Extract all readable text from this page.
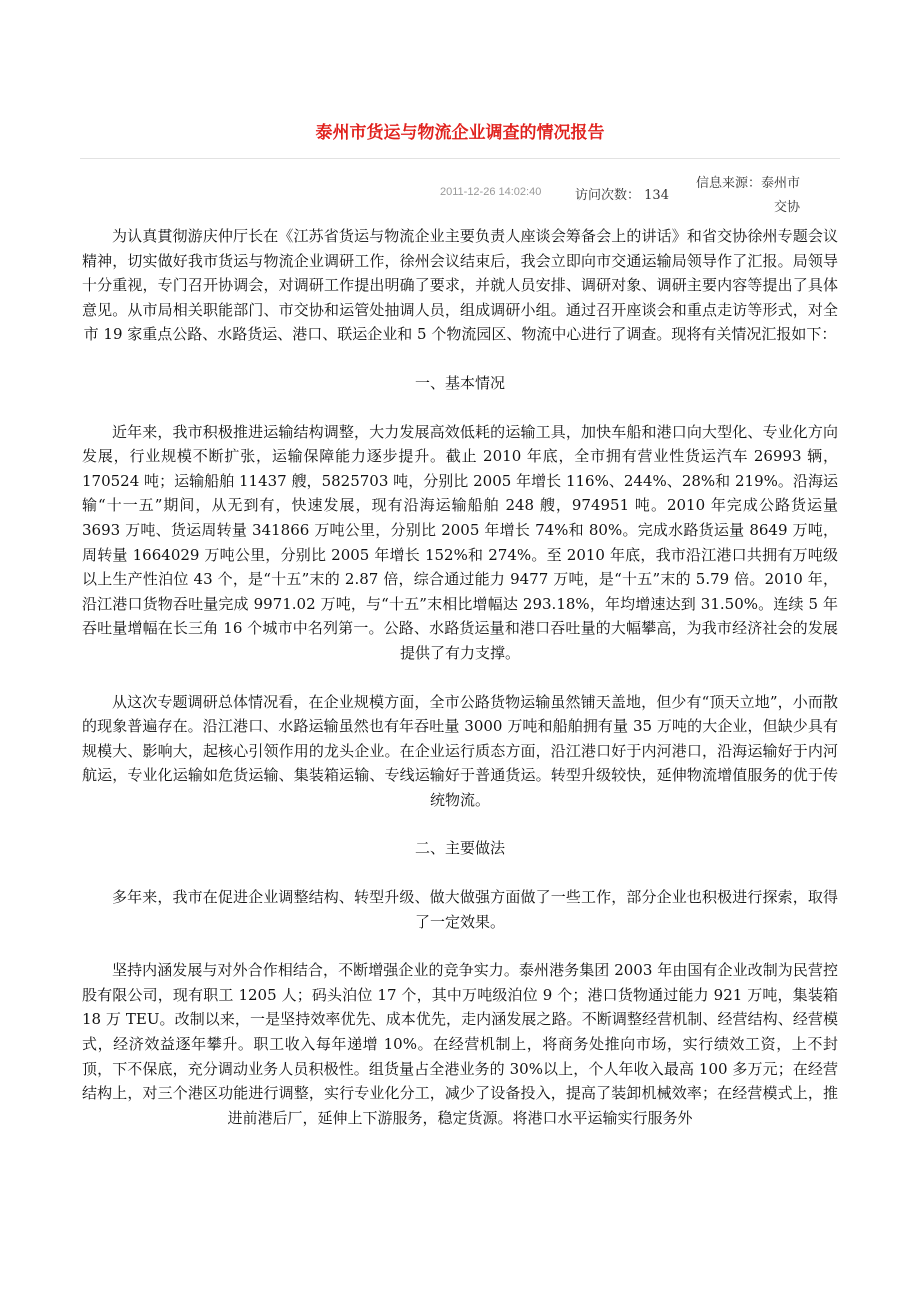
泰州市货运与物流企业调查的情况报告
2011-12-26 14:02:40	访问次数： 134
信息来源：泰州市交协

为认真貫彻游庆仲厅长在《江苏省货运与物流企业主要负责人座谈会筹备会上的讲话》和省交协徐州专题会议精神，切实做好我市货运与物流企业调研工作，徐州会议结束后，我会立即向市交通运输局领导作了汇报。局领导十分重视，专门召开协调会，对调研工作提出明确了要求，并就人员安排、调研对象、调研主要内容等提出了具体意见。从市局相关职能部门、市交协和运管处抽调人员，组成调研小组。通过召开座谈会和重点走访等形式，对全市 19 家重点公路、水路货运、港口、联运企业和 5 个物流园区、物流中心进行了调查。现将有关情况汇报如下：

一、基本情况

近年来，我市积极推进运输结构调整，大力发展高效低耗的运输工具，加快车船和港口向大型化、专业化方向发展，行业规模不断扩张，运输保障能力逐步提升。截止 2010 年底，全市拥有营业性货运汽车 26993 辆，170524 吨；运输船舶 11437 艘，5825703 吨，分别比 2005 年增长 116%、244%、28%和 219%。沿海运输“十一五”期间，从无到有，快速发展，现有沿海运输船舶 248 艘，974951 吨。2010 年完成公路货运量 3693 万吨、货运周转量 341866 万吨公里，分别比 2005 年增长 74%和 80%。完成水路货运量 8649 万吨，周转量 1664029 万吨公里，分别比 2005 年增长 152%和 274%。至 2010 年底，我市沿江港口共拥有万吨级以上生产性泊位 43 个，是“十五”末的 2.87 倍，综合通过能力 9477 万吨，是“十五”末的 5.79 倍。2010 年，沿江港口货物吞吐量完成 9971.02 万吨，与“十五”末相比增幅达 293.18%，年均增速达到 31.50%。连续 5 年吞吐量增幅在长三角 16 个城市中名列第一。公路、水路货运量和港口吞吐量的大幅攀高，为我市经济社会的发展提供了有力支撑。

从这次专题调研总体情况看，在企业规模方面，全市公路货物运输虽然铺天盖地，但少有“顶天立地”，小而散的现象普遍存在。沿江港口、水路运输虽然也有年吞吐量 3000 万吨和船舶拥有量 35 万吨的大企业，但缺少具有规模大、影响大，起核心引领作用的龙头企业。在企业运行质态方面，沿江港口好于内河港口，沿海运输好于内河航运，专业化运输如危货运输、集装箱运输、专线运输好于普通货运。转型升级较快，延伸物流增值服务的优于传统物流。

二、主要做法

多年来，我市在促进企业调整结构、转型升级、做大做强方面做了一些工作，部分企业也积极进行探索，取得了一定效果。

坚持内涵发展与对外合作相结合，不断增强企业的竞争实力。泰州港务集团 2003 年由国有企业改制为民营控股有限公司，现有职工 1205 人；码头泊位 17 个，其中万吨级泊位 9 个；港口货物通过能力 921 万吨，集装箱 18 万 TEU。改制以来，一是坚持效率优先、成本优先，走内涵发展之路。不断调整经营机制、经营结构、经营模式，经济效益逐年攀升。职工收入每年递增 10%。在经营机制上，将商务处推向市场，实行绩效工资，上不封顶，下不保底，充分调动业务人员积极性。组货量占全港业务的 30%以上，个人年收入最高 100 多万元；在经营结构上，对三个港区功能进行调整，实行专业化分工，减少了设备投入，提高了装卸机械效率；在经营模式上，推进前港后厂，延伸上下游服务，稳定货源。将港口水平运输实行服务外
